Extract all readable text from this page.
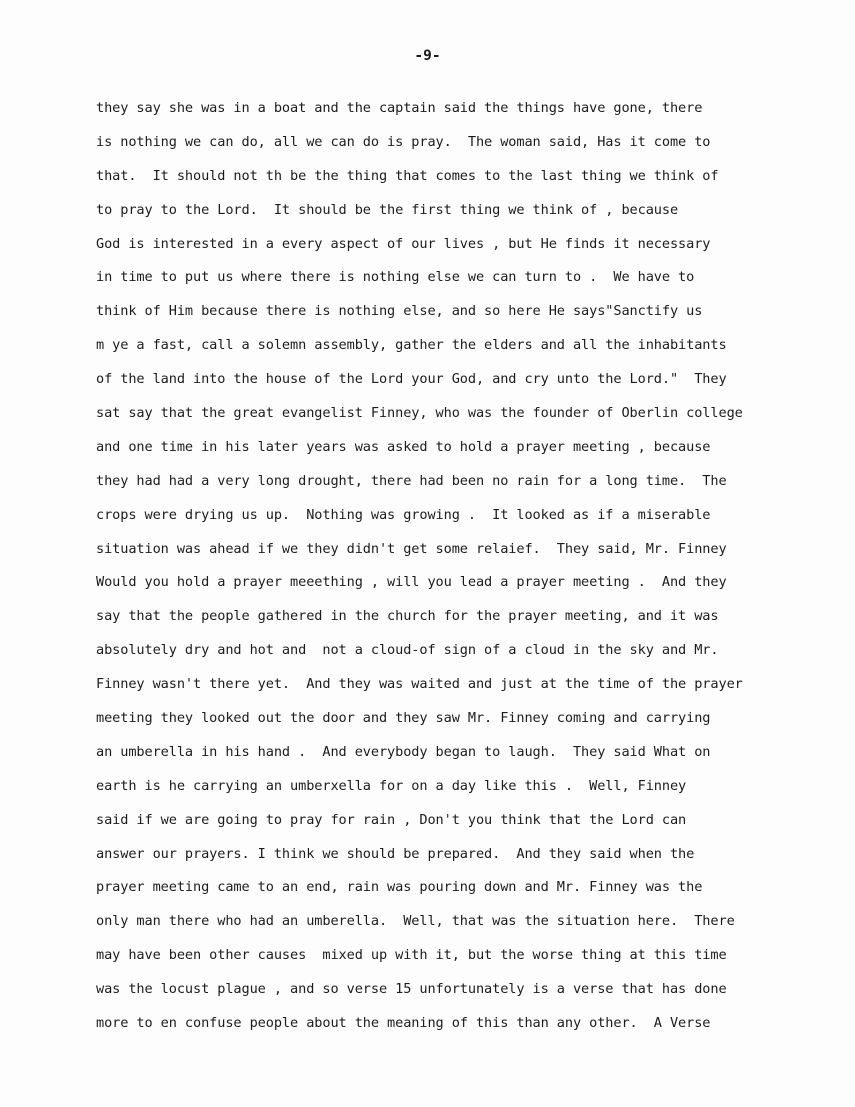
-9-

they say she was in a boat and the captain said the things have gone, there
is nothing we can do, all we can do is pray.  The woman said, Has it come to
that.  It should not th be the thing that comes to the last thing we think of
to pray to the Lord.  It should be the first thing we think of , because
God is interested in a every aspect of our lives , but He finds it necessary
in time to put us where there is nothing else we can turn to .  We have to
think of Him because there is nothing else, and so here He says"Sanctify us
m ye a fast, call a solemn assembly, gather the elders and all the inhabitants
of the land into the house of the Lord your God, and cry unto the Lord."  They
sat say that the great evangelist Finney, who was the founder of Oberlin college
and one time in his later years was asked to hold a prayer meeting , because
they had had a very long drought, there had been no rain for a long time.  The
crops were drying us up.  Nothing was growing .  It looked as if a miserable
situation was ahead if we they didn't get some relaief.  They said, Mr. Finney
Would you hold a prayer meeething , will you lead a prayer meeting .  And they
say that the people gathered in the church for the prayer meeting, and it was
absolutely dry and hot and  not a cloud-of sign of a cloud in the sky and Mr.
Finney wasn't there yet.  And they was waited and just at the time of the prayer
meeting they looked out the door and they saw Mr. Finney coming and carrying
an umberella in his hand .  And everybody began to laugh.  They said What on
earth is he carrying an umberxella for on a day like this .  Well, Finney
said if we are going to pray for rain , Don't you think that the Lord can
answer our prayers. I think we should be prepared.  And they said when the
prayer meeting came to an end, rain was pouring down and Mr. Finney was the
only man there who had an umberella.  Well, that was the situation here.  There
may have been other causes  mixed up with it, but the worse thing at this time
was the locust plague , and so verse 15 unfortunately is a verse that has done
more to en confuse people about the meaning of this than any other.  A Verse
